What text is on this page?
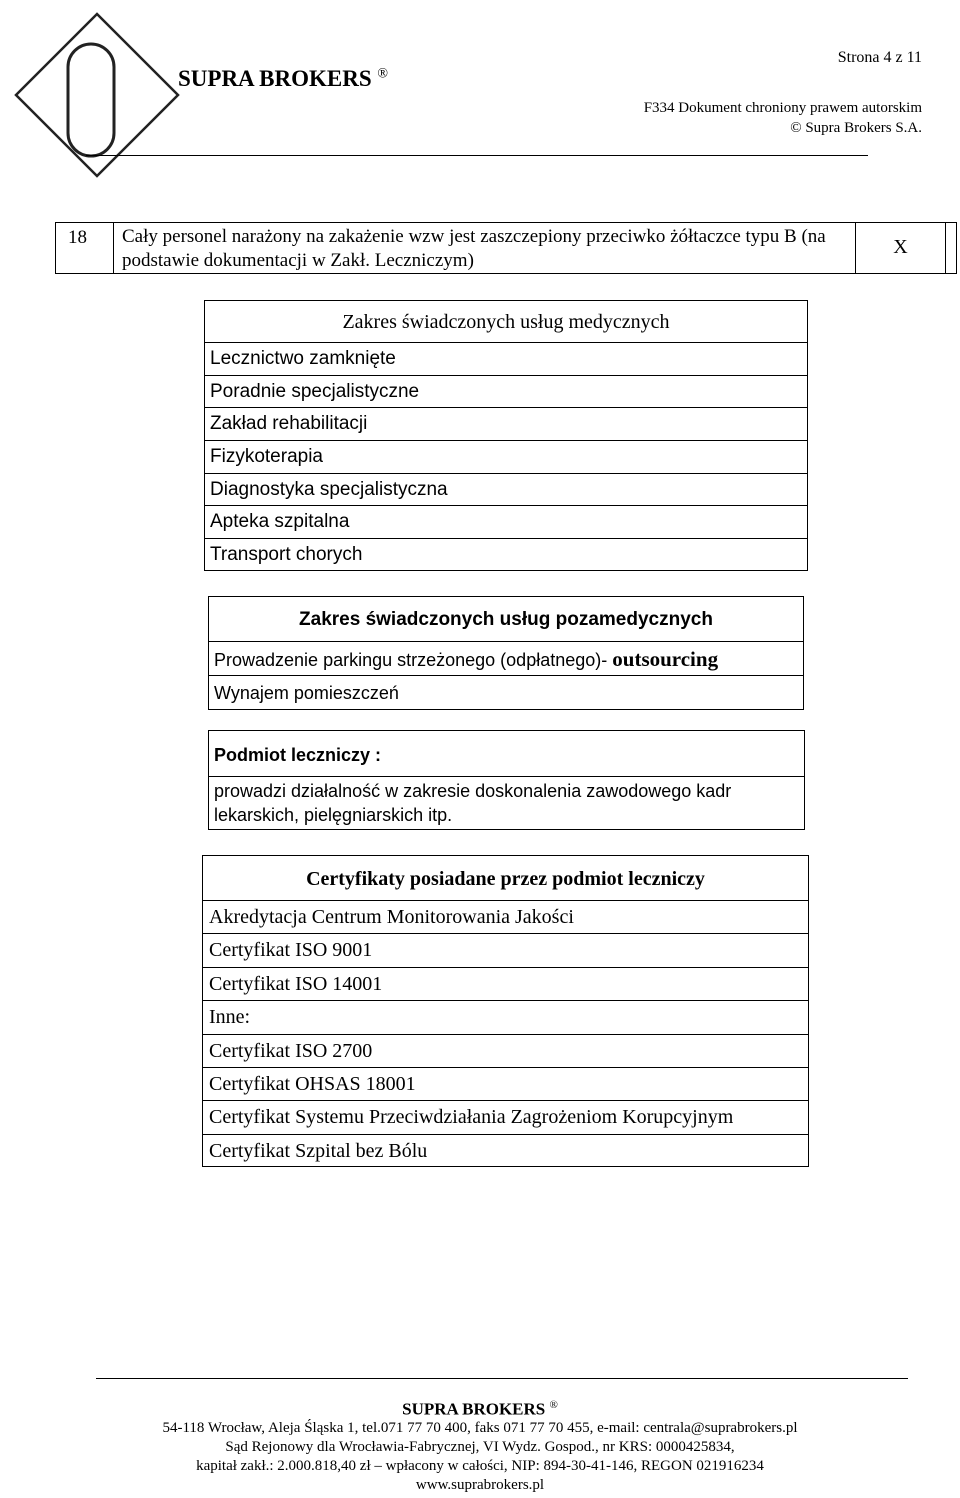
SUPRA BROKERS ®
Strona 4 z 11
F334 Dokument chroniony prawem autorskim
© Supra Brokers S.A.
18	Cały personel narażony na zakażenie wzw jest zaszczepiony przeciwko żółtaczce typu B (na podstawie dokumentacji w Zakł. Leczniczym)
X
Zakres świadczonych usług medycznych
Lecznictwo zamknięte
Poradnie specjalistyczne
Zakład rehabilitacji
Fizykoterapia
Diagnostyka specjalistyczna
Apteka szpitalna
Transport chorych
Zakres świadczonych usług pozamedycznych
Prowadzenie parkingu strzeżonego (odpłatnego)- outsourcing
Wynajem pomieszczeń
Podmiot leczniczy :
prowadzi działalność w zakresie doskonalenia zawodowego kadr
lekarskich, pielęgniarskich itp.
Certyfikaty posiadane przez podmiot leczniczy
Akredytacja Centrum Monitorowania Jakości
Certyfikat ISO 9001
Certyfikat ISO 14001
Inne:
Certyfikat ISO 2700
Certyfikat OHSAS 18001
Certyfikat Systemu Przeciwdziałania Zagrożeniom Korupcyjnym
Certyfikat Szpital bez Bólu
SUPRA BROKERS ®
54-118 Wrocław, Aleja Śląska 1, tel.071 77 70 400, faks 071 77 70 455, e-mail: centrala@suprabrokers.pl
Sąd Rejonowy dla Wrocławia-Fabrycznej, VI Wydz. Gospod., nr KRS: 0000425834,
kapitał zakł.: 2.000.818,40 zł – wpłacony w całości, NIP: 894-30-41-146, REGON 021916234
www.suprabrokers.pl
